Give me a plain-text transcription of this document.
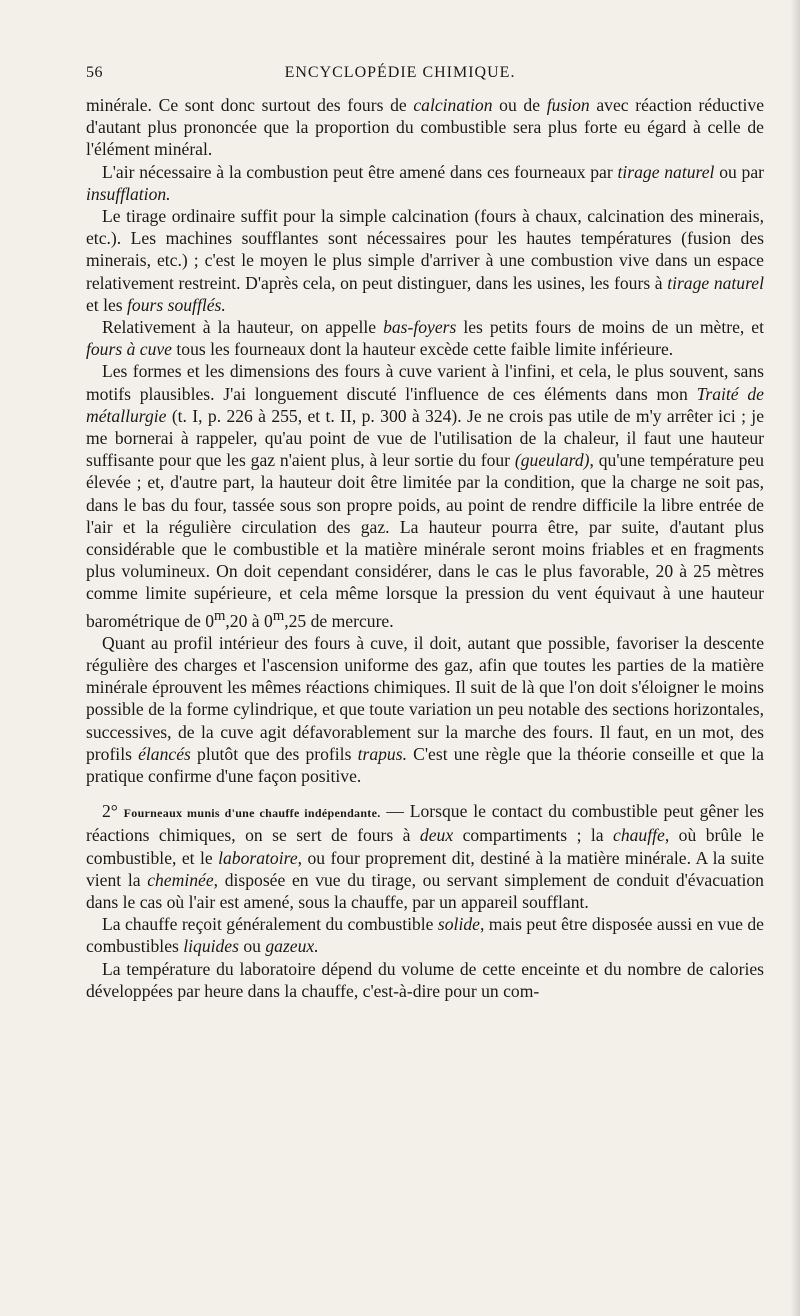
56	ENCYCLOPÉDIE CHIMIQUE.

minérale. Ce sont donc surtout des fours de calcination ou de fusion avec réaction réductive d'autant plus prononcée que la proportion du combustible sera plus forte eu égard à celle de l'élément minéral.

L'air nécessaire à la combustion peut être amené dans ces fourneaux par tirage naturel ou par insufflation.

Le tirage ordinaire suffit pour la simple calcination (fours à chaux, calcination des minerais, etc.). Les machines soufflantes sont nécessaires pour les hautes températures (fusion des minerais, etc.) ; c'est le moyen le plus simple d'arriver à une combustion vive dans un espace relativement restreint. D'après cela, on peut distinguer, dans les usines, les fours à tirage naturel et les fours soufflés.

Relativement à la hauteur, on appelle bas-foyers les petits fours de moins de un mètre, et fours à cuve tous les fourneaux dont la hauteur excède cette faible limite inférieure.

Les formes et les dimensions des fours à cuve varient à l'infini, et cela, le plus souvent, sans motifs plausibles. J'ai longuement discuté l'influence de ces éléments dans mon Traité de métallurgie (t. I, p. 226 à 255, et t. II, p. 300 à 324). Je ne crois pas utile de m'y arrêter ici ; je me bornerai à rappeler, qu'au point de vue de l'utilisation de la chaleur, il faut une hauteur suffisante pour que les gaz n'aient plus, à leur sortie du four (gueulard), qu'une température peu élevée ; et, d'autre part, la hauteur doit être limitée par la condition, que la charge ne soit pas, dans le bas du four, tassée sous son propre poids, au point de rendre difficile la libre entrée de l'air et la régulière circulation des gaz. La hauteur pourra être, par suite, d'autant plus considérable que le combustible et la matière minérale seront moins friables et en fragments plus volumineux. On doit cependant considérer, dans le cas le plus favorable, 20 à 25 mètres comme limite supérieure, et cela même lorsque la pression du vent équivaut à une hauteur barométrique de 0$^m$,20 à 0$^m$,25 de mercure.

Quant au profil intérieur des fours à cuve, il doit, autant que possible, favoriser la descente régulière des charges et l'ascension uniforme des gaz, afin que toutes les parties de la matière minérale éprouvent les mêmes réactions chimiques. Il suit de là que l'on doit s'éloigner le moins possible de la forme cylindrique, et que toute variation un peu notable des sections horizontales, successives, de la cuve agit défavorablement sur la marche des fours. Il faut, en un mot, des profils élancés plutôt que des profils trapus. C'est une règle que la théorie conseille et que la pratique confirme d'une façon positive.

2° Fourneaux munis d'une chauffe indépendante. — Lorsque le contact du combustible peut gêner les réactions chimiques, on se sert de fours à deux compartiments ; la chauffe, où brûle le combustible, et le laboratoire, ou four proprement dit, destiné à la matière minérale. A la suite vient la cheminée, disposée en vue du tirage, ou servant simplement de conduit d'évacuation dans le cas où l'air est amené, sous la chauffe, par un appareil soufflant.

La chauffe reçoit généralement du combustible solide, mais peut être disposée aussi en vue de combustibles liquides ou gazeux.

La température du laboratoire dépend du volume de cette enceinte et du nombre de calories développées par heure dans la chauffe, c'est-à-dire pour un com-
